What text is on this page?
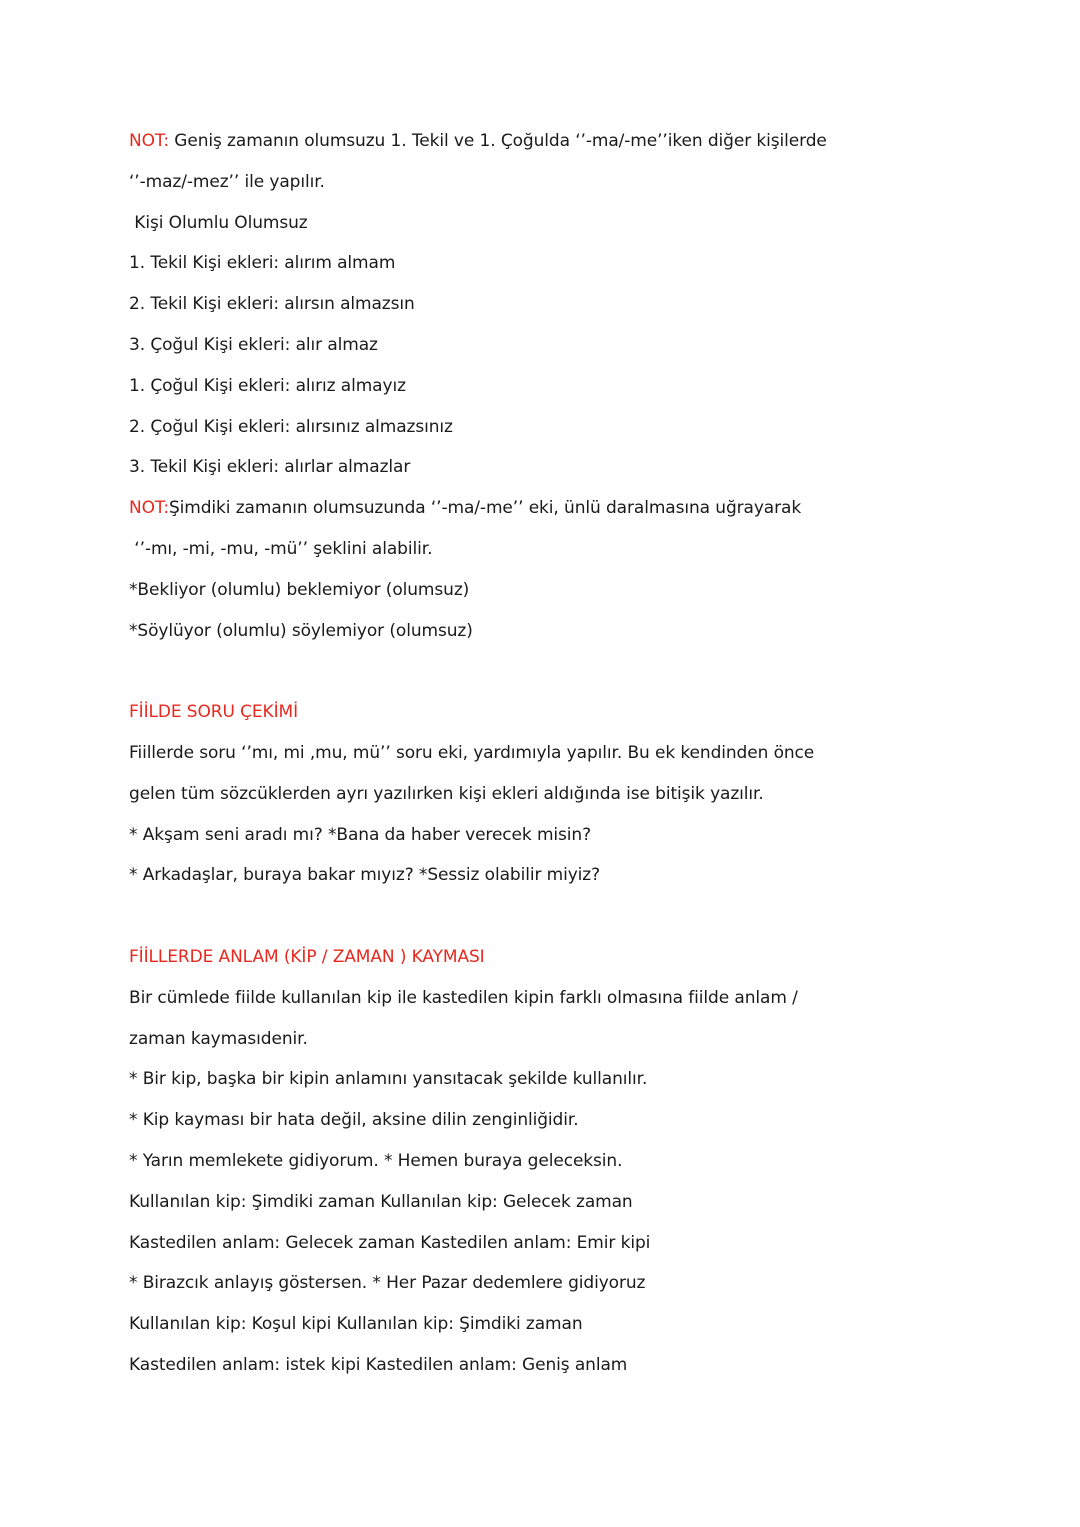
NOT: Geniş zamanın olumsuzu 1. Tekil ve 1. Çoğulda ‘’-ma/-me’’iken diğer kişilerde
‘’-maz/-mez’’ ile yapılır.
Kişi Olumlu Olumsuz
1. Tekil Kişi ekleri: alırım almam
2. Tekil Kişi ekleri: alırsın almazsın
3. Çoğul Kişi ekleri: alır almaz
1. Çoğul Kişi ekleri: alırız almayız
2. Çoğul Kişi ekleri: alırsınız almazsınız
3. Tekil Kişi ekleri: alırlar almazlar
NOT:Şimdiki zamanın olumsuzunda ‘’-ma/-me’’ eki, ünlü daralmasına uğrayarak
‘’-mı, -mi, -mu, -mü’’ şeklini alabilir.
*Bekliyor (olumlu) beklemiyor (olumsuz)
*Söylüyor (olumlu) söylemiyor (olumsuz)
FİİLDE SORU ÇEKİMİ
Fiillerde soru ‘’mı, mi ,mu, mü’’ soru eki, yardımıyla yapılır. Bu ek kendinden önce
gelen tüm sözcüklerden ayrı yazılırken kişi ekleri aldığında ise bitişik yazılır.
* Akşam seni aradı mı? *Bana da haber verecek misin?
* Arkadaşlar, buraya bakar mıyız? *Sessiz olabilir miyiz?
FİİLLERDE ANLAM (KİP / ZAMAN ) KAYMASI
Bir cümlede fiilde kullanılan kip ile kastedilen kipin farklı olmasına fiilde anlam /
zaman kaymasıdenir.
* Bir kip, başka bir kipin anlamını yansıtacak şekilde kullanılır.
* Kip kayması bir hata değil, aksine dilin zenginliğidir.
* Yarın memlekete gidiyorum. * Hemen buraya geleceksin.
Kullanılan kip: Şimdiki zaman Kullanılan kip: Gelecek zaman
Kastedilen anlam: Gelecek zaman Kastedilen anlam: Emir kipi
* Birazcık anlayış göstersen. * Her Pazar dedemlere gidiyoruz
Kullanılan kip: Koşul kipi Kullanılan kip: Şimdiki zaman
Kastedilen anlam: istek kipi Kastedilen anlam: Geniş anlam
